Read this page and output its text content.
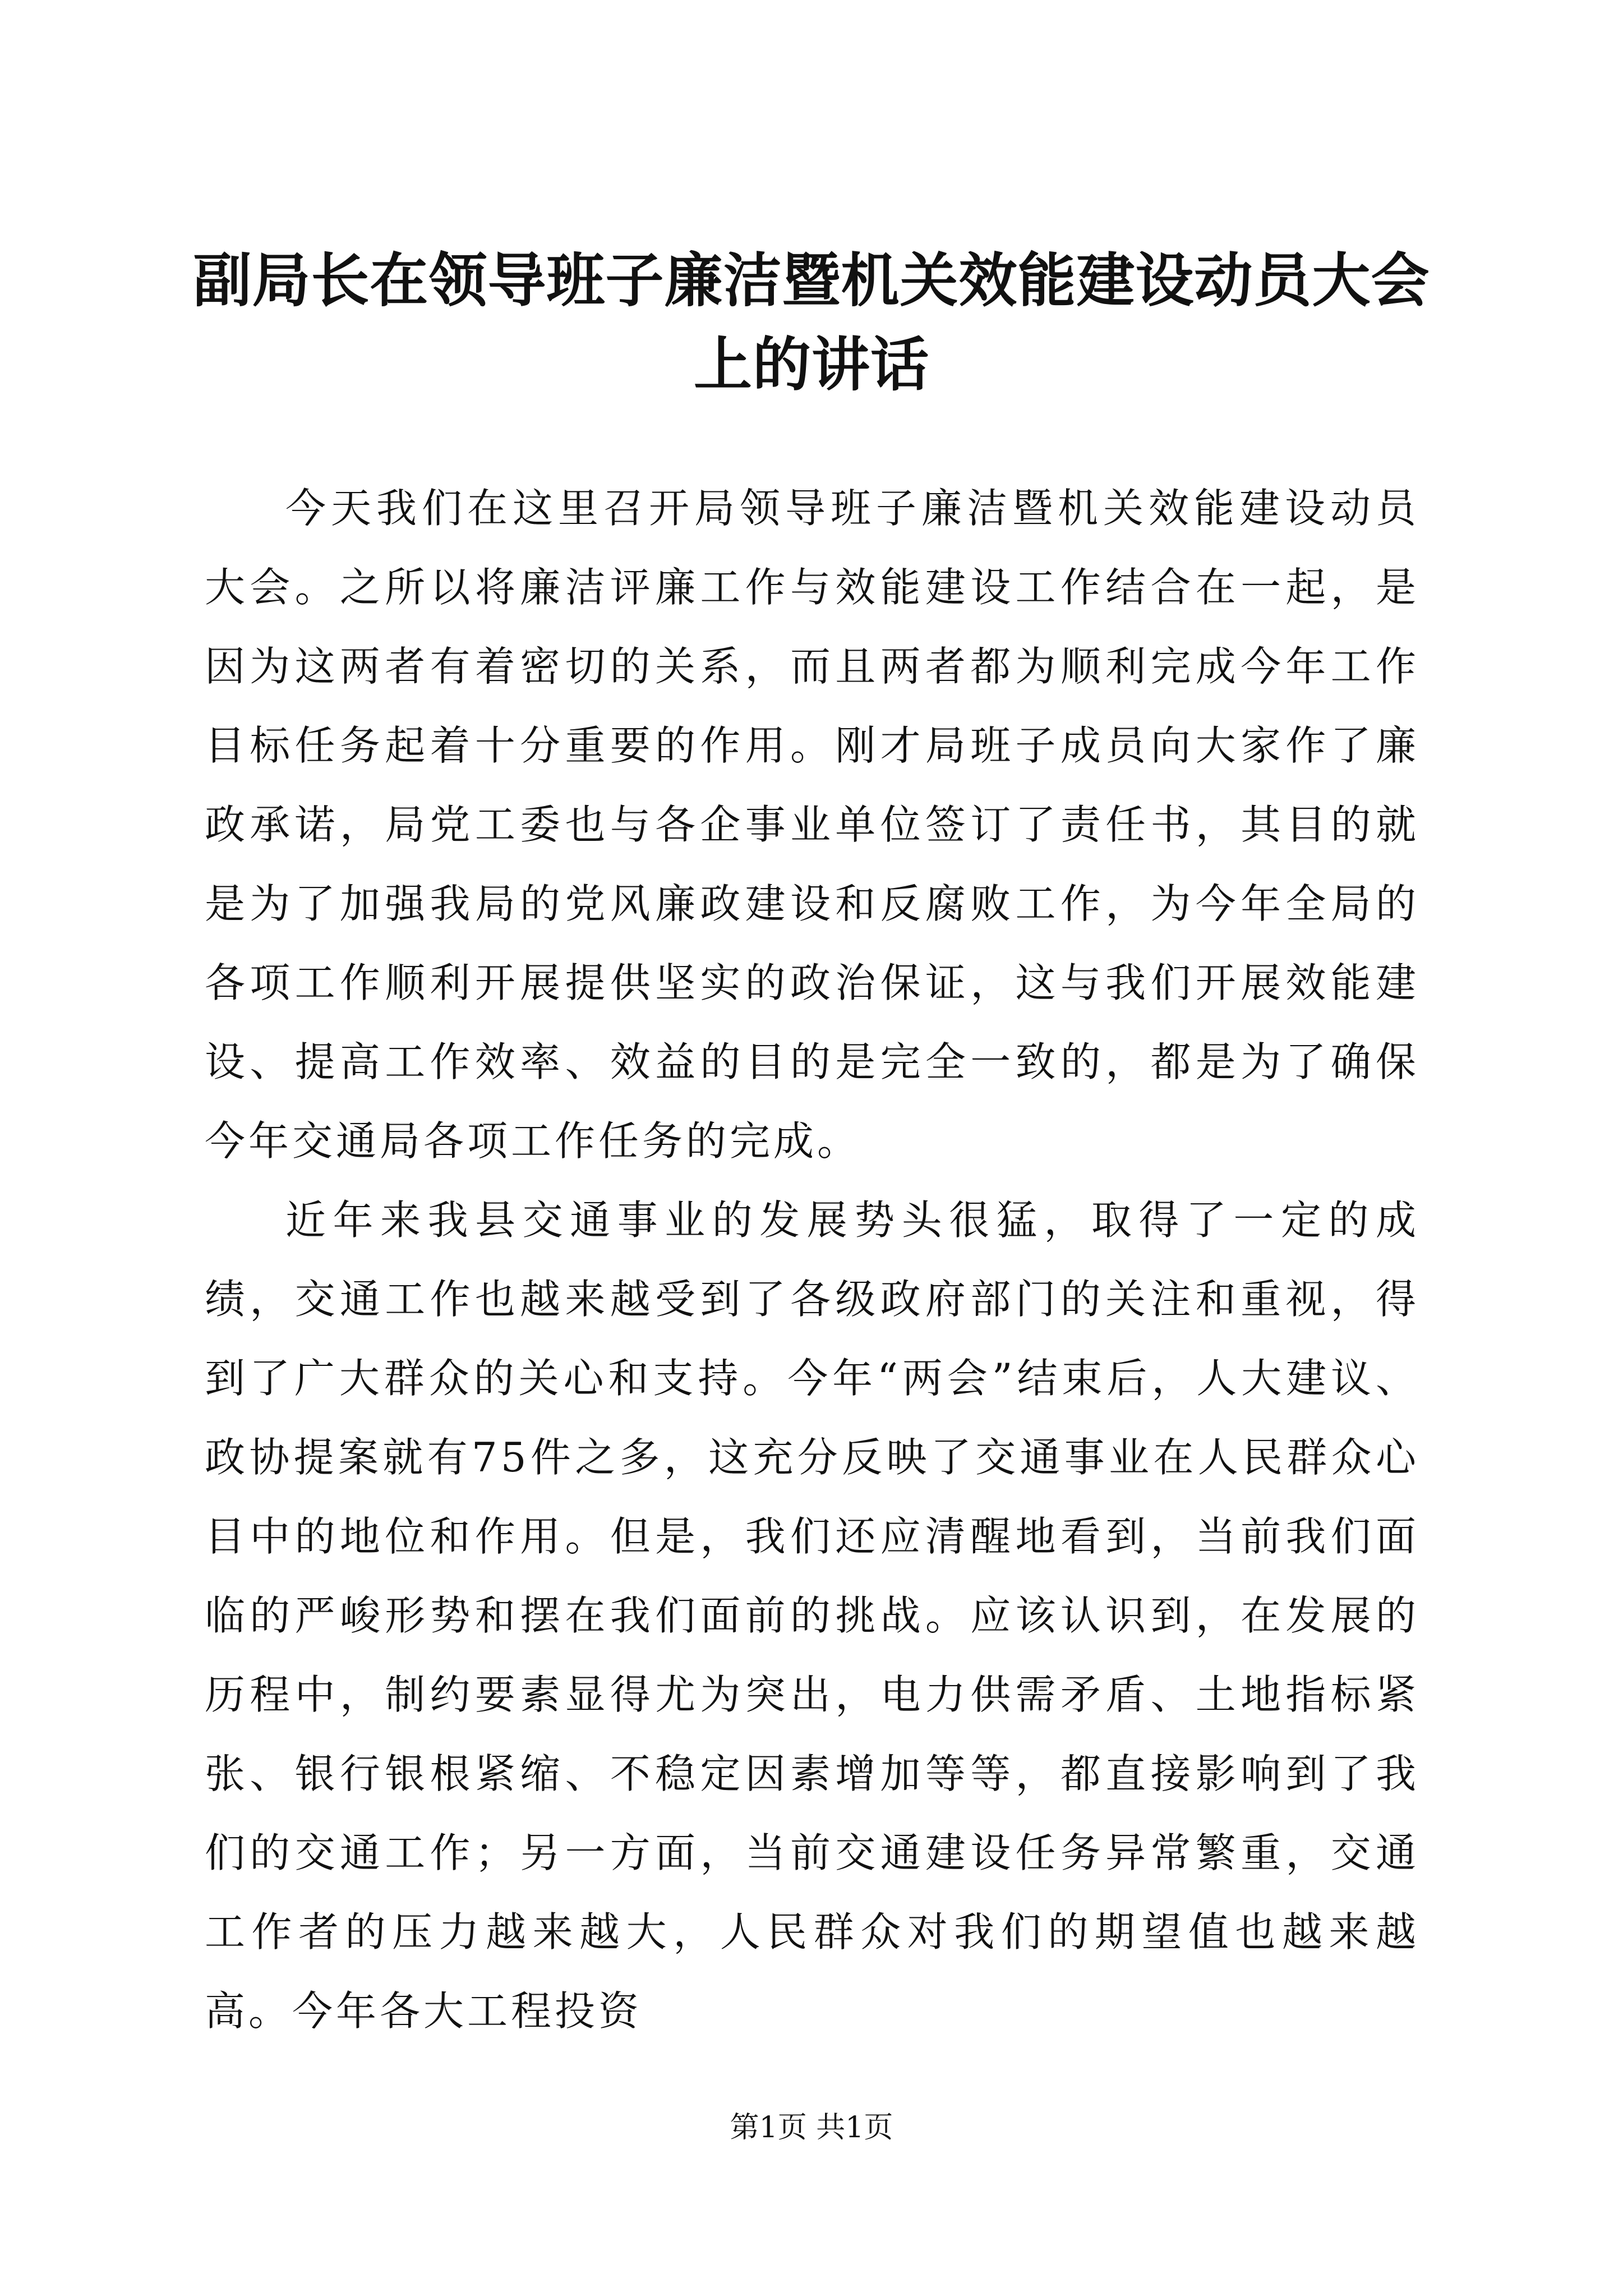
副局长在领导班子廉洁暨机关效能建设动员大会上的讲话

今天我们在这里召开局领导班子廉洁暨机关效能建设动员大会。之所以将廉洁评廉工作与效能建设工作结合在一起，是因为这两者有着密切的关系，而且两者都为顺利完成今年工作目标任务起着十分重要的作用。刚才局班子成员向大家作了廉政承诺，局党工委也与各企事业单位签订了责任书，其目的就是为了加强我局的党风廉政建设和反腐败工作，为今年全局的各项工作顺利开展提供坚实的政治保证，这与我们开展效能建设、提高工作效率、效益的目的是完全一致的，都是为了确保今年交通局各项工作任务的完成。

近年来我县交通事业的发展势头很猛，取得了一定的成绩，交通工作也越来越受到了各级政府部门的关注和重视，得到了广大群众的关心和支持。今年“两会”结束后，人大建议、政协提案就有75件之多，这充分反映了交通事业在人民群众心目中的地位和作用。但是，我们还应清醒地看到，当前我们面临的严峻形势和摆在我们面前的挑战。应该认识到，在发展的历程中，制约要素显得尤为突出，电力供需矛盾、土地指标紧张、银行银根紧缩、不稳定因素增加等等，都直接影响到了我们的交通工作；另一方面，当前交通建设任务异常繁重，交通工作者的压力越来越大，人民群众对我们的期望值也越来越高。今年各大工程投资

第1页 共1页
